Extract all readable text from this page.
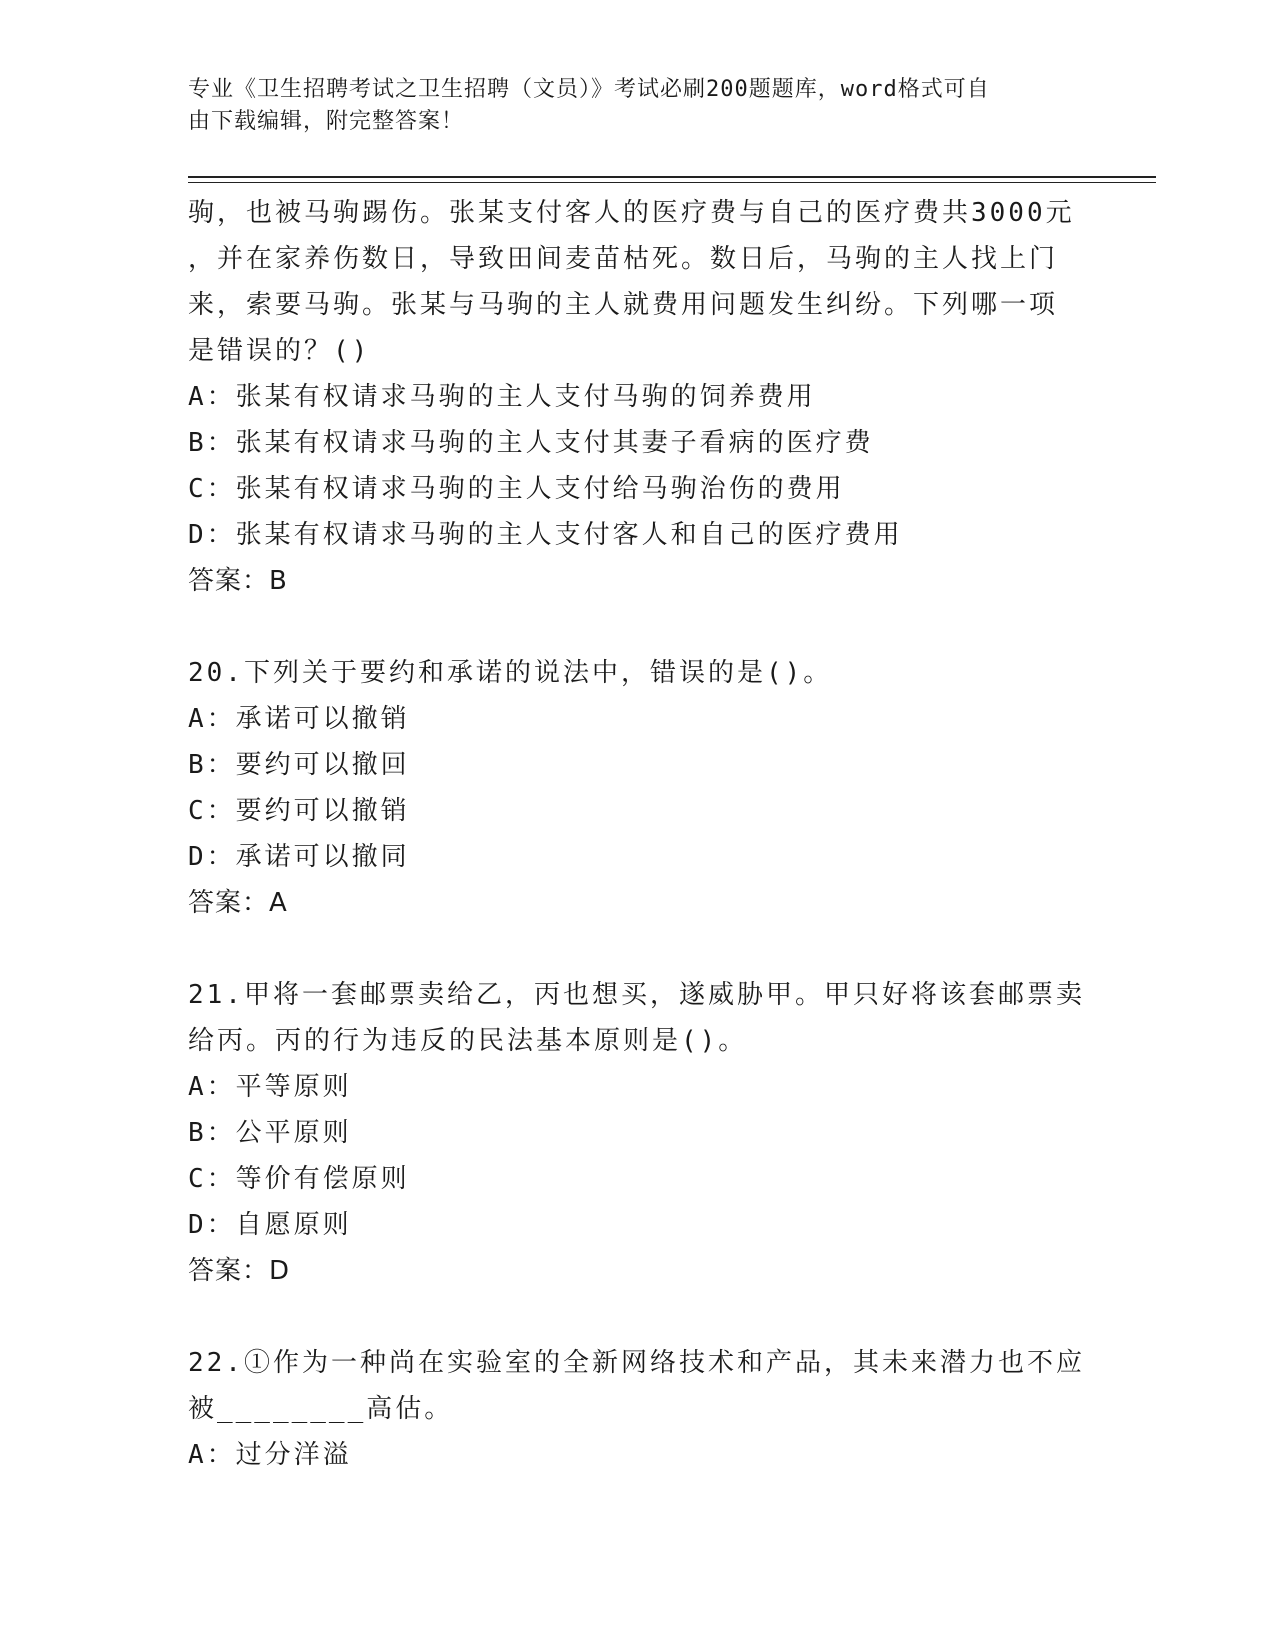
专业《卫生招聘考试之卫生招聘（文员）》考试必刷200题题库，word格式可自
由下载编辑，附完整答案！
驹，也被马驹踢伤。张某支付客人的医疗费与自己的医疗费共3000元
，并在家养伤数日，导致田间麦苗枯死。数日后，马驹的主人找上门
来，索要马驹。张某与马驹的主人就费用问题发生纠纷。下列哪一项
是错误的？()
A：张某有权请求马驹的主人支付马驹的饲养费用
B：张某有权请求马驹的主人支付其妻子看病的医疗费
C：张某有权请求马驹的主人支付给马驹治伤的费用
D：张某有权请求马驹的主人支付客人和自己的医疗费用
答案：B
20.下列关于要约和承诺的说法中，错误的是()。
A：承诺可以撤销
B：要约可以撤回
C：要约可以撤销
D：承诺可以撤同
答案：A
21.甲将一套邮票卖给乙，丙也想买，遂威胁甲。甲只好将该套邮票卖
给丙。丙的行为违反的民法基本原则是()。
A：平等原则
B：公平原则
C：等价有偿原则
D：自愿原则
答案：D
22.①作为一种尚在实验室的全新网络技术和产品，其未来潜力也不应
被________高估。
A：过分洋溢
